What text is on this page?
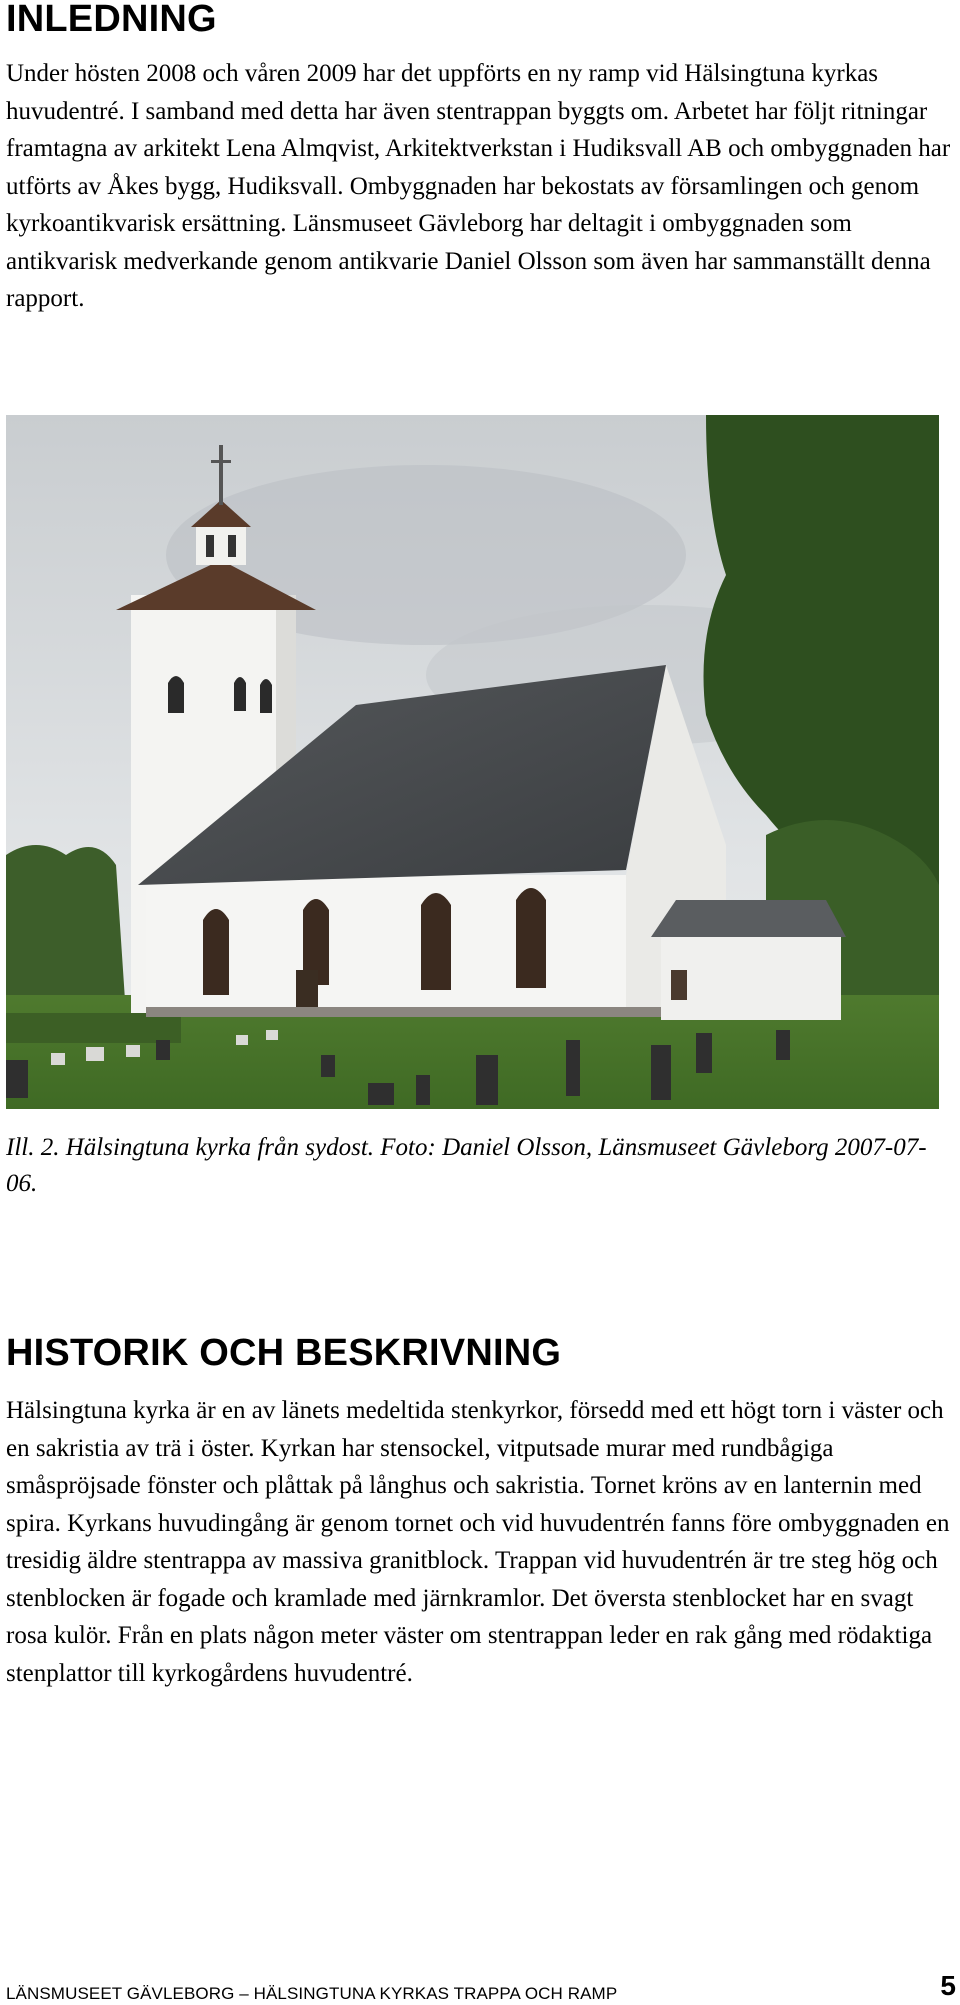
INLEDNING

Under hösten 2008 och våren 2009 har det uppförts en ny ramp vid Hälsingtuna kyrkas huvudentré. I samband med detta har även stentrappan byggts om. Arbetet har följt ritningar framtagna av arkitekt Lena Almqvist, Arkitektverkstan i Hudiksvall AB och ombyggnaden har utförts av Åkes bygg, Hudiksvall. Ombyggnaden har bekostats av församlingen och genom kyrkoantikvarisk ersättning. Länsmuseet Gävleborg har deltagit i ombyggnaden som antikvarisk medverkande genom antikvarie Daniel Olsson som även har sammanställt denna rapport.

Ill. 2. Hälsingtuna kyrka från sydost. Foto: Daniel Olsson, Länsmuseet Gävleborg 2007-07-06.

HISTORIK OCH BESKRIVNING

Hälsingtuna kyrka är en av länets medeltida stenkyrkor, försedd med ett högt torn i väster och en sakristia av trä i öster. Kyrkan har stensockel, vitputsade murar med rundbågiga småspröjsade fönster och plåttak på långhus och sakristia. Tornet kröns av en lanternin med spira. Kyrkans huvudingång är genom tornet och vid huvudentrén fanns före ombyggnaden en tresidig äldre stentrappa av massiva granitblock. Trappan vid huvudentrén är tre steg hög och stenblocken är fogade och kramlade med järnkramlor. Det översta stenblocket har en svagt rosa kulör. Från en plats någon meter väster om stentrappan leder en rak gång med rödaktiga stenplattor till kyrkogårdens huvudentré.

LÄNSMUSEET GÄVLEBORG – HÄLSINGTUNA KYRKAS TRAPPA OCH RAMP	5
